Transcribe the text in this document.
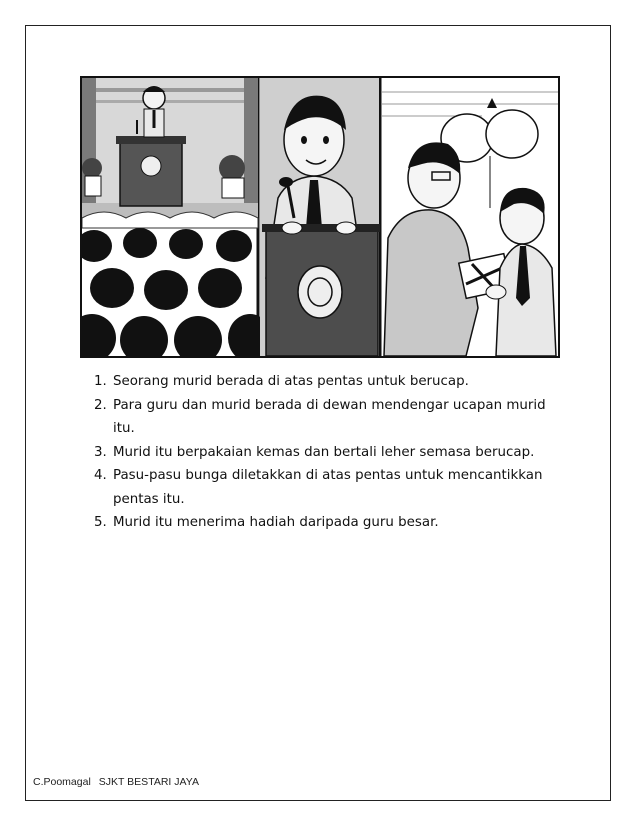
1. Seorang murid berada di atas pentas untuk berucap.
2. Para guru dan murid berada di dewan mendengar ucapan murid itu.
3. Murid itu berpakaian kemas dan bertali leher semasa berucap.
4. Pasu-pasu bunga diletakkan di atas pentas untuk mencantikkan pentas itu.
5. Murid itu menerima hadiah daripada guru besar.
C.Poomagal SJKT BESTARI JAYA
